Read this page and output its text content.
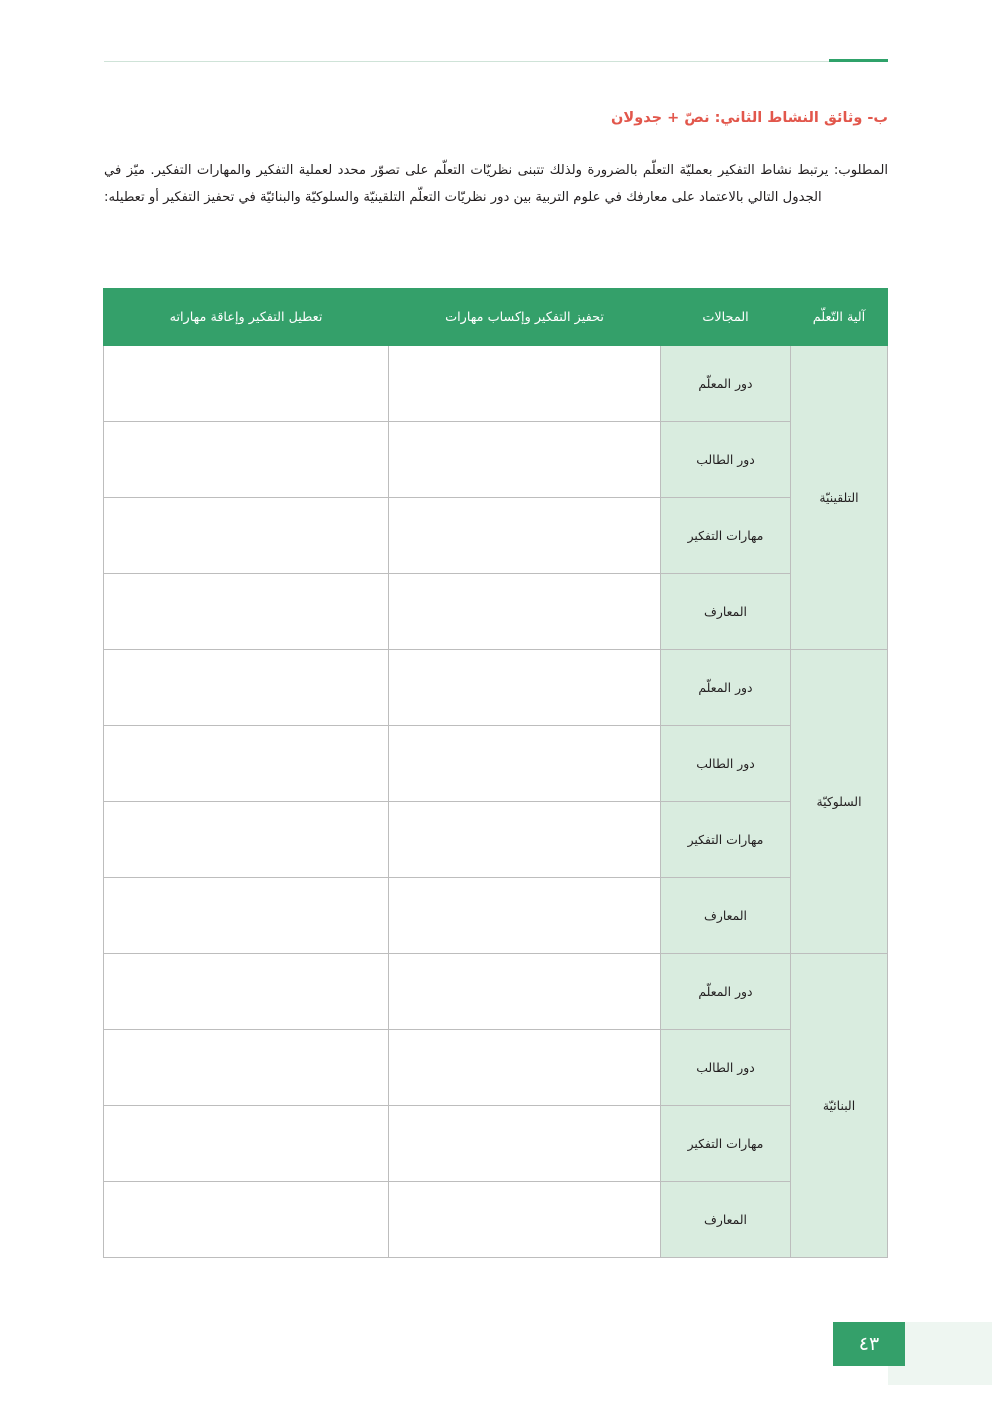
ب- وثائق النشاط الثاني: نصّ + جدولان

المطلوب: يرتبط نشاط التفكير بعمليّة التعلّم بالضرورة ولذلك تتبنى نظريّات التعلّم على تصوّر محدد لعملية التفكير والمهارات التفكير. ميّز في الجدول التالي بالاعتماد على معارفك في علوم التربية بين دور نظريّات التعلّم التلقينيّة والسلوكيّة والبنائيّة في تحفيز التفكير أو تعطيله:

آلية التّعلّم	المجالات	تحفيز التفكير وإكساب مهارات	تعطيل التفكير وإعاقة مهاراته
التلقينيّة	دور المعلّم		
	دور الطالب		
	مهارات التفكير		
	المعارف		
السلوكيّة	دور المعلّم		
	دور الطالب		
	مهارات التفكير		
	المعارف		
البنائيّة	دور المعلّم		
	دور الطالب		
	مهارات التفكير		
	المعارف		
٤٣
